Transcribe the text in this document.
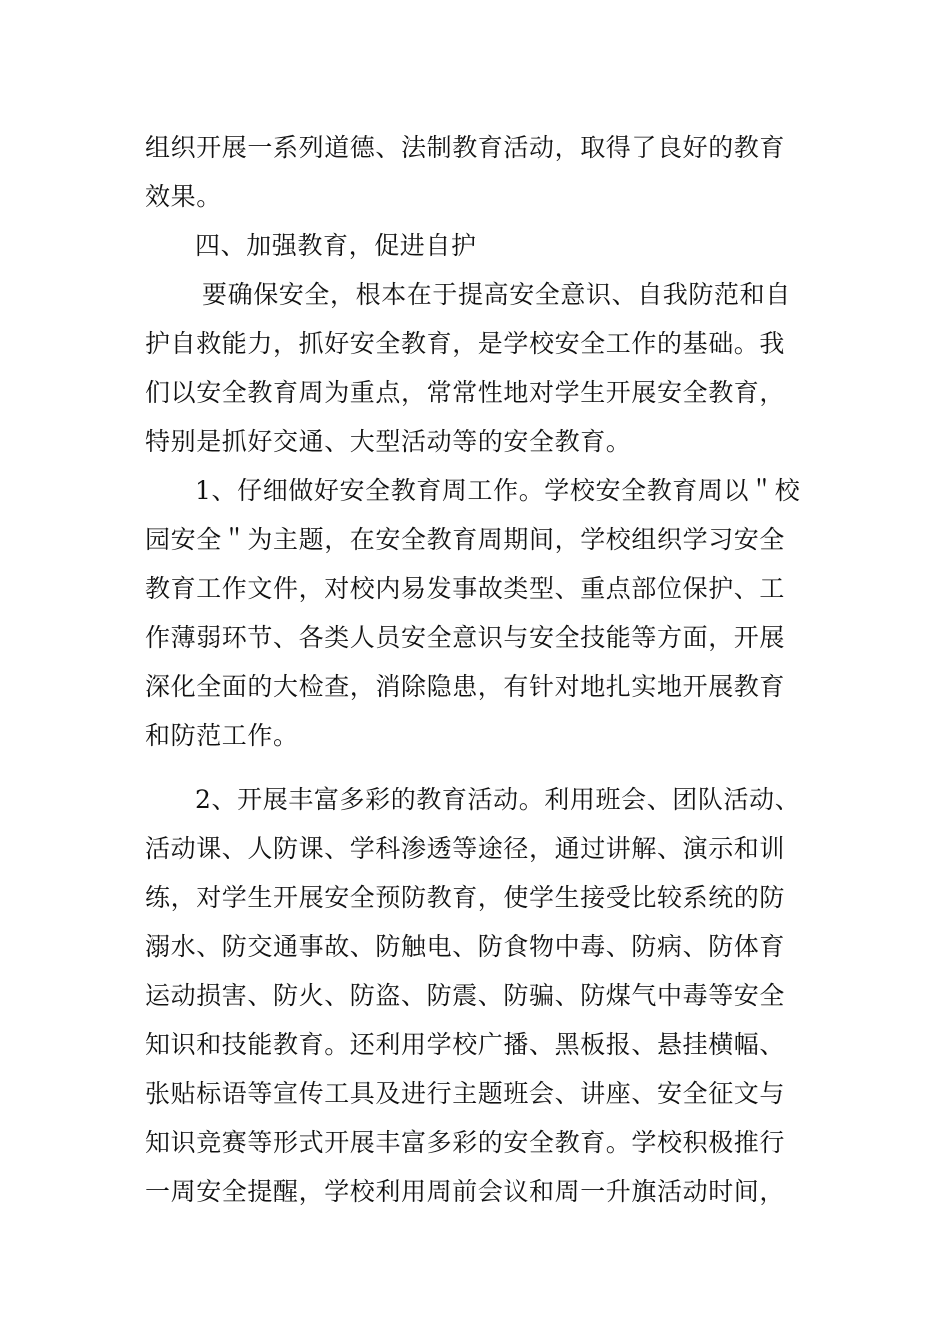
组织开展一系列道德、法制教育活动，取得了良好的教育
效果。
四、加强教育，促进自护
要确保安全，根本在于提高安全意识、自我防范和自
护自救能力，抓好安全教育，是学校安全工作的基础。我
们以安全教育周为重点，常常性地对学生开展安全教育，
特别是抓好交通、大型活动等的安全教育。
1、仔细做好安全教育周工作。学校安全教育周以＂校
园安全＂为主题，在安全教育周期间，学校组织学习安全
教育工作文件，对校内易发事故类型、重点部位保护、工
作薄弱环节、各类人员安全意识与安全技能等方面，开展
深化全面的大检查，消除隐患，有针对地扎实地开展教育
和防范工作。
2、开展丰富多彩的教育活动。利用班会、团队活动、
活动课、人防课、学科渗透等途径，通过讲解、演示和训
练，对学生开展安全预防教育，使学生接受比较系统的防
溺水、防交通事故、防触电、防食物中毒、防病、防体育
运动损害、防火、防盗、防震、防骗、防煤气中毒等安全
知识和技能教育。还利用学校广播、黑板报、悬挂横幅、
张贴标语等宣传工具及进行主题班会、讲座、安全征文与
知识竞赛等形式开展丰富多彩的安全教育。学校积极推行
一周安全提醒，学校利用周前会议和周一升旗活动时间，
